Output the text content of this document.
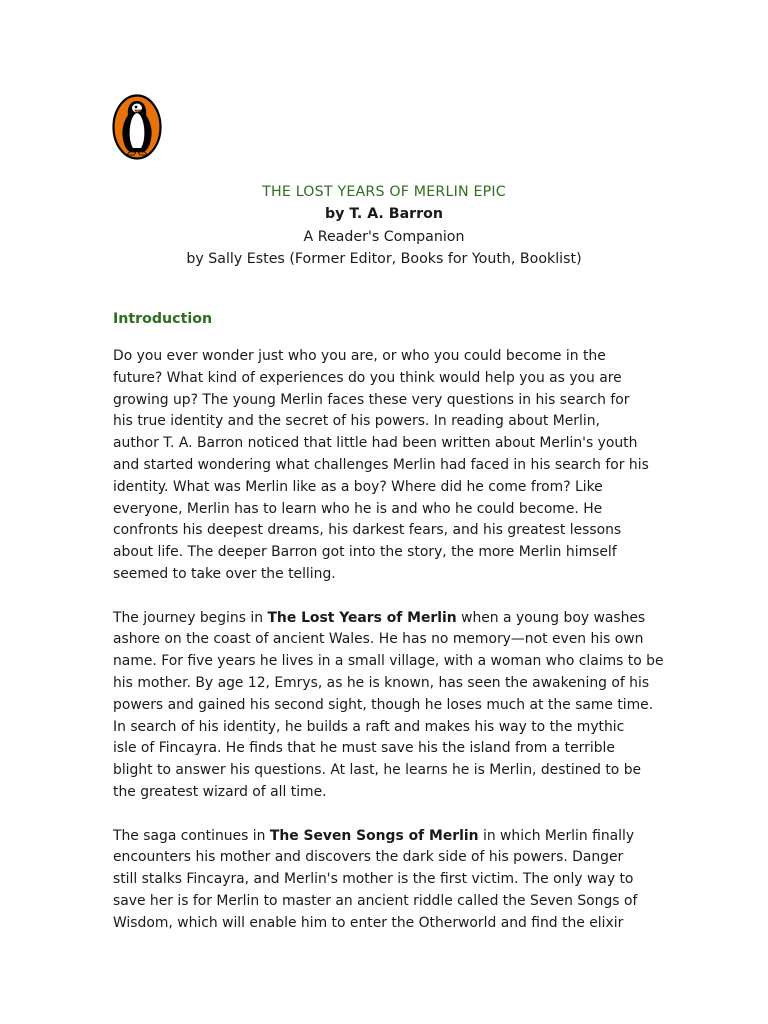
THE LOST YEARS OF MERLIN EPIC
by T. A. Barron
A Reader's Companion
by Sally Estes (Former Editor, Books for Youth, Booklist)
Introduction

Do you ever wonder just who you are, or who you could become in the
future? What kind of experiences do you think would help you as you are
growing up? The young Merlin faces these very questions in his search for
his true identity and the secret of his powers. In reading about Merlin,
author T. A. Barron noticed that little had been written about Merlin's youth
and started wondering what challenges Merlin had faced in his search for his
identity. What was Merlin like as a boy? Where did he come from? Like
everyone, Merlin has to learn who he is and who he could become. He
confronts his deepest dreams, his darkest fears, and his greatest lessons
about life. The deeper Barron got into the story, the more Merlin himself
seemed to take over the telling.

The journey begins in The Lost Years of Merlin when a young boy washes
ashore on the coast of ancient Wales. He has no memory—not even his own
name. For five years he lives in a small village, with a woman who claims to be
his mother. By age 12, Emrys, as he is known, has seen the awakening of his
powers and gained his second sight, though he loses much at the same time.
In search of his identity, he builds a raft and makes his way to the mythic
isle of Fincayra. He finds that he must save his the island from a terrible
blight to answer his questions. At last, he learns he is Merlin, destined to be
the greatest wizard of all time.

The saga continues in The Seven Songs of Merlin in which Merlin finally
encounters his mother and discovers the dark side of his powers. Danger
still stalks Fincayra, and Merlin's mother is the first victim. The only way to
save her is for Merlin to master an ancient riddle called the Seven Songs of
Wisdom, which will enable him to enter the Otherworld and find the elixir
